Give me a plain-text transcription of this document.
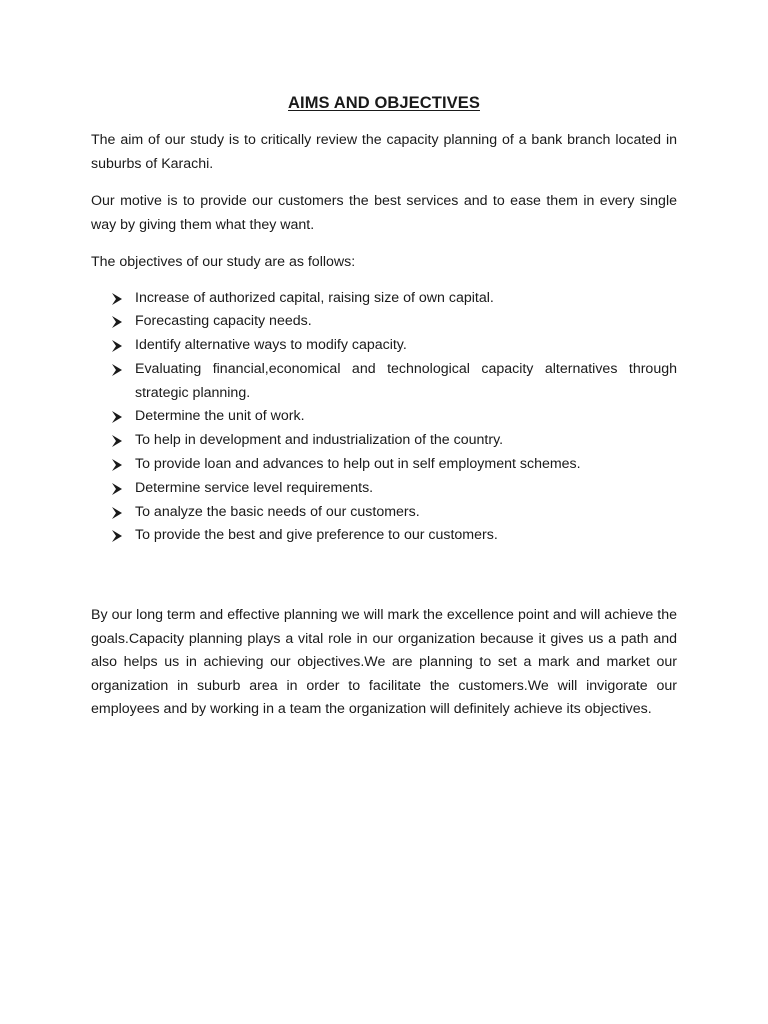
AIMS AND OBJECTIVES

The aim of our study is to critically review the capacity planning of a bank branch located in suburbs of Karachi.

Our motive is to provide our customers the best services and to ease them in every single way by giving them what they want.

The objectives of our study are as follows:

Increase of authorized capital, raising size of own capital.
Forecasting capacity needs.
Identify alternative ways to modify capacity.
Evaluating financial,economical and technological capacity alternatives through strategic planning.
Determine the unit of work.
To help in development and industrialization of the country.
To provide loan and advances to help out in self employment schemes.
Determine service level requirements.
To analyze the basic needs of our customers.
To provide the best and give preference to our customers.

By our long term and effective planning we will mark the excellence point and will achieve the goals.Capacity planning plays a vital role in our organization because it gives us a path and also helps us in achieving our objectives.We are planning to set a mark and market our organization in suburb area in order to facilitate the customers.We will invigorate our employees and by working in a team the organization will definitely achieve its objectives.
